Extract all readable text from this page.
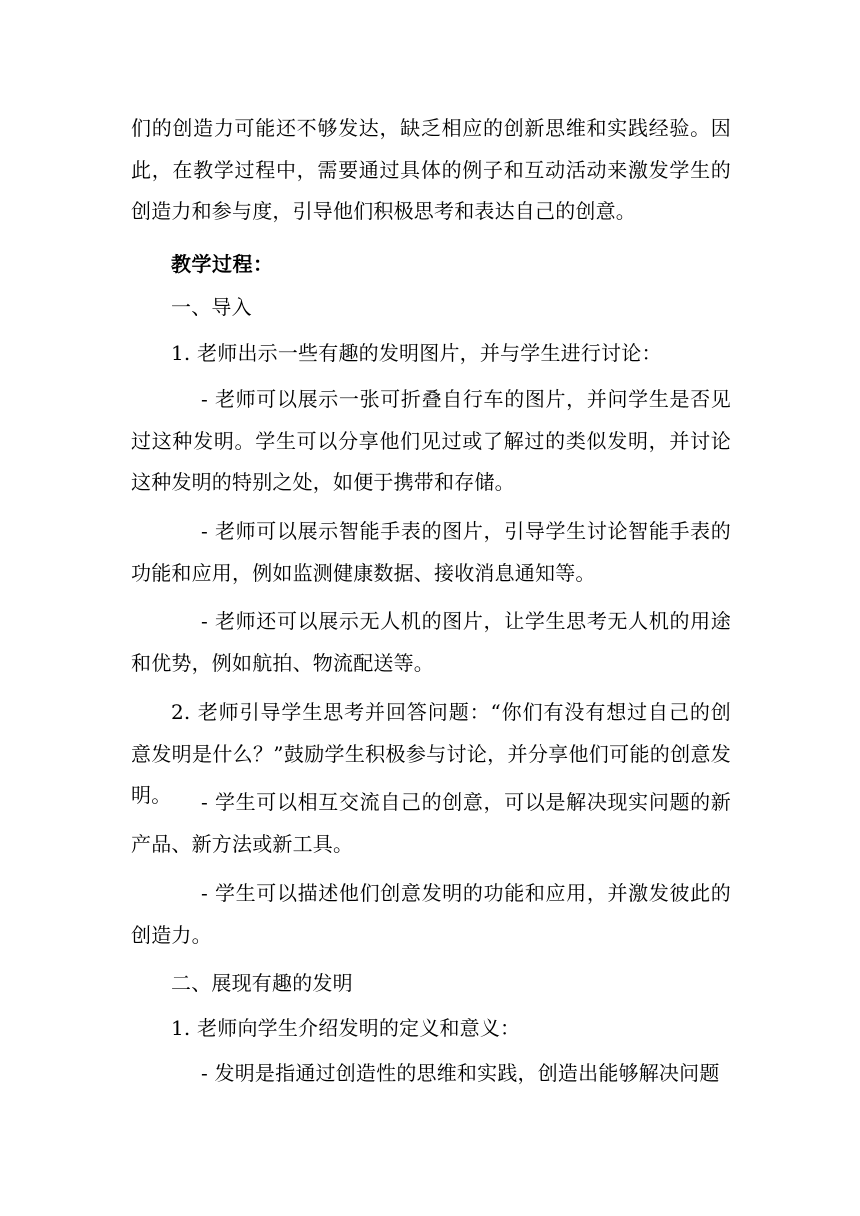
们的创造力可能还不够发达，缺乏相应的创新思维和实践经验。因此，在教学过程中，需要通过具体的例子和互动活动来激发学生的创造力和参与度，引导他们积极思考和表达自己的创意。

教学过程：

一、导入

1. 老师出示一些有趣的发明图片，并与学生进行讨论：

- 老师可以展示一张可折叠自行车的图片，并问学生是否见过这种发明。学生可以分享他们见过或了解过的类似发明，并讨论这种发明的特别之处，如便于携带和存储。

- 老师可以展示智能手表的图片，引导学生讨论智能手表的功能和应用，例如监测健康数据、接收消息通知等。

- 老师还可以展示无人机的图片，让学生思考无人机的用途和优势，例如航拍、物流配送等。

2. 老师引导学生思考并回答问题：“你们有没有想过自己的创意发明是什么？”鼓励学生积极参与讨论，并分享他们可能的创意发明。	- 学生可以相互交流自己的创意，可以是解决现实问题的新产品、新方法或新工具。

- 学生可以描述他们创意发明的功能和应用，并激发彼此的创造力。

二、展现有趣的发明

1. 老师向学生介绍发明的定义和意义：

- 发明是指通过创造性的思维和实践，创造出能够解决问题
